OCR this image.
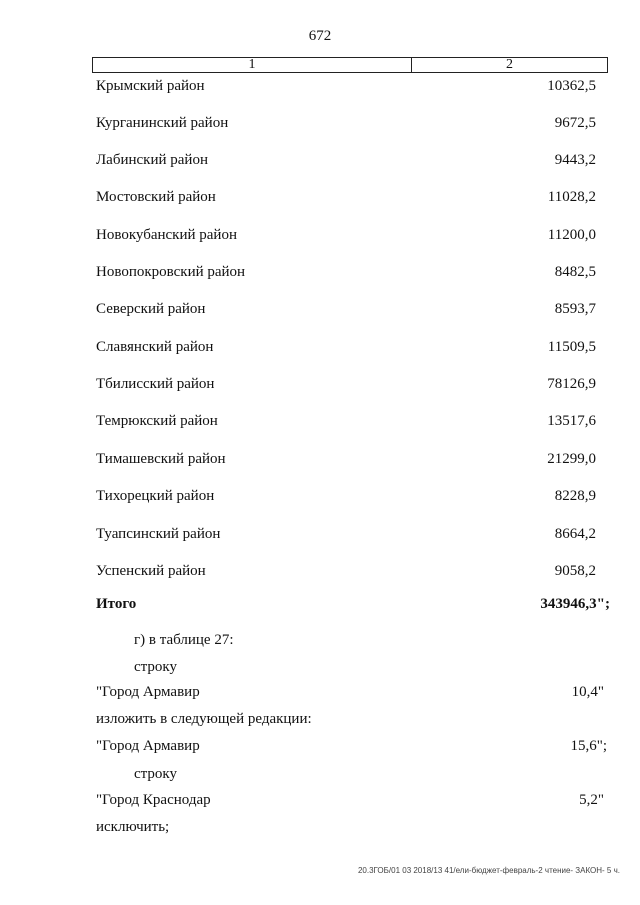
672
1	2
Крымский район	10362,5
Курганинский район	9672,5
Лабинский район	9443,2
Мостовский район	11028,2
Новокубанский район	11200,0
Новопокровский район	8482,5
Северский район	8593,7
Славянский район	11509,5
Тбилисский район	78126,9
Темрюкский район	13517,6
Тимашевский район	21299,0
Тихорецкий район	8228,9
Туапсинский район	8664,2
Успенский район	9058,2
Итого	343946,3";
г) в таблице 27:
строку
"Город Армавир	10,4"
изложить в следующей редакции:
"Город Армавир	15,6";
строку
"Город Краснодар	5,2"
исключить;
20.3ГОБ/01 03 2018/13 41/ели-бюджет-февраль-2 чтение- ЗАКОН- 5 ч.
